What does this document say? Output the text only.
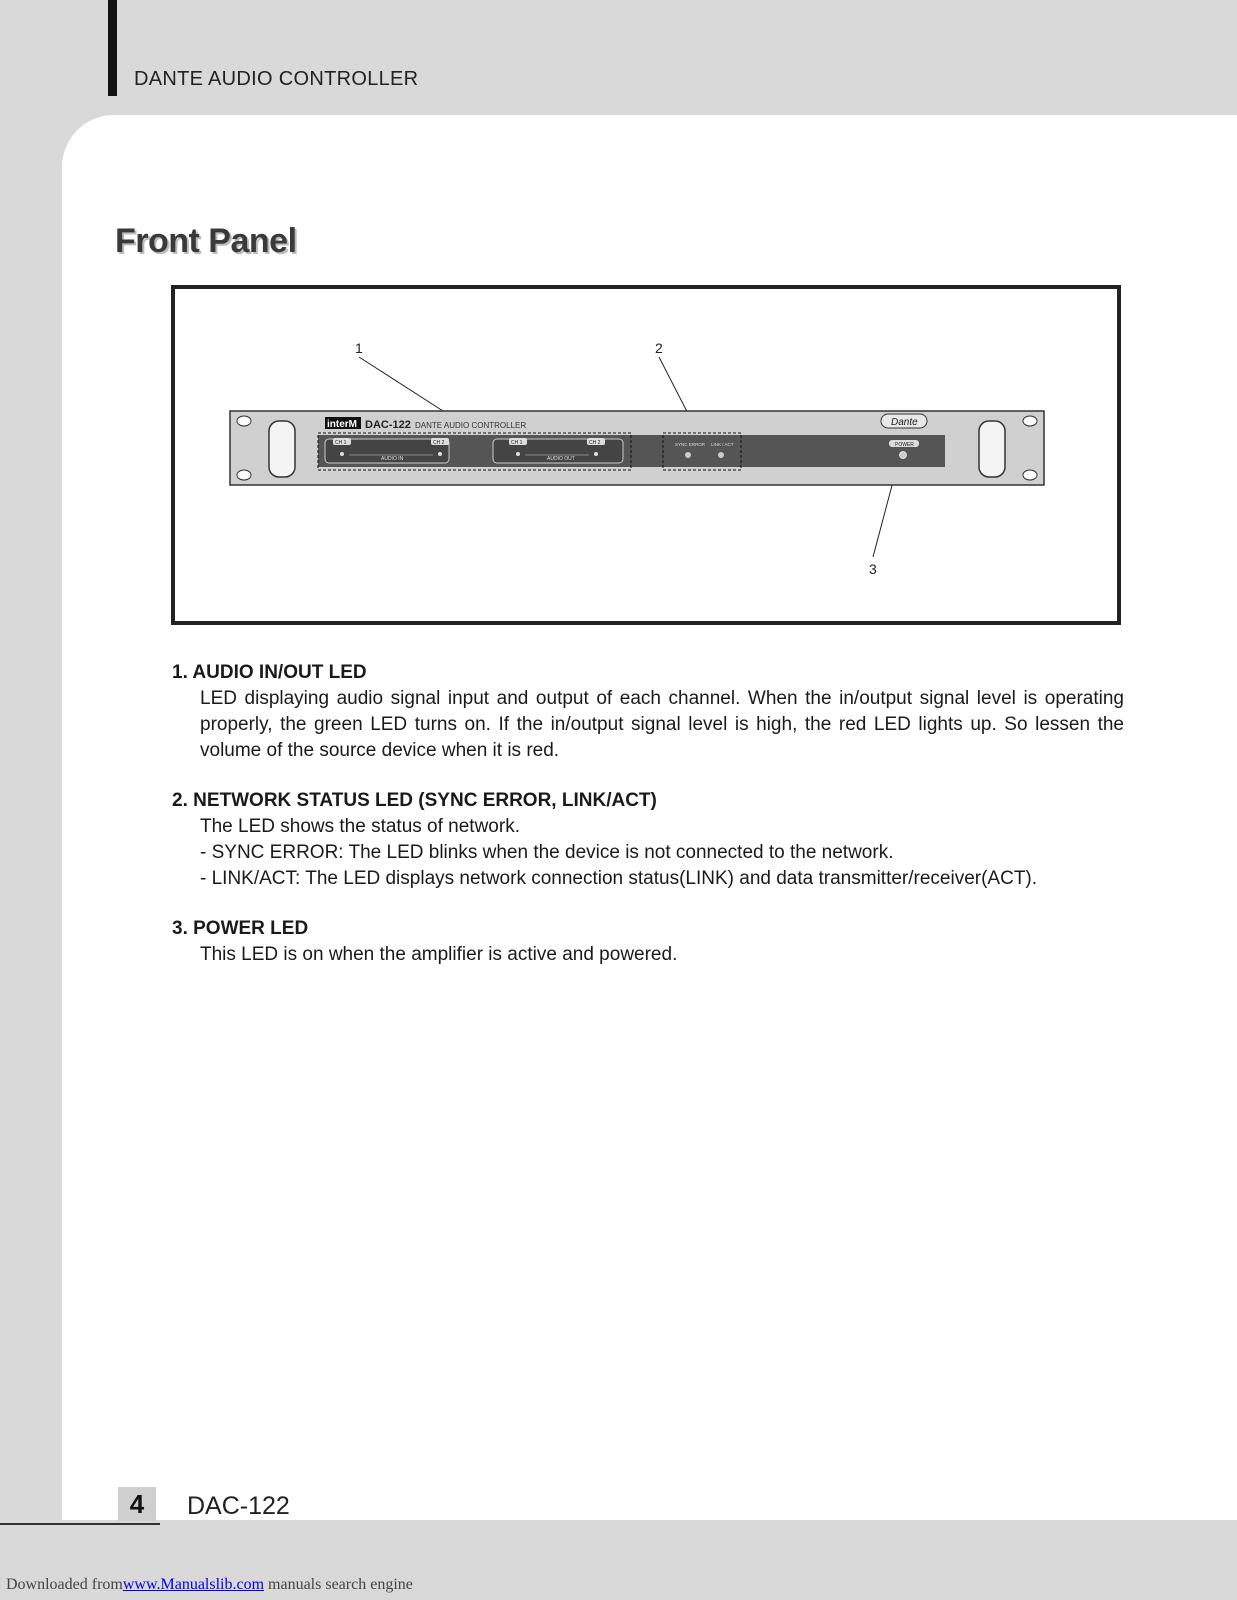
DANTE AUDIO CONTROLLER
Front Panel
1	2
3
interM DAC-122 DANTE AUDIO CONTROLLER	Dante
CH 1	CH 2
AUDIO IN
CH 1	CH 2
AUDIO OUT
SYNC ERROR LINK / ACT	POWER
1. AUDIO IN/OUT LED
LED displaying audio signal input and output of each channel. When the in/output signal level is operating properly, the green LED turns on. If the in/output signal level is high, the red LED lights up. So lessen the volume of the source device when it is red.
2. NETWORK STATUS LED (SYNC ERROR, LINK/ACT)
The LED shows the status of network.
- SYNC ERROR: The LED blinks when the device is not connected to the network.
- LINK/ACT: The LED displays network connection status(LINK) and data transmitter/receiver(ACT).
3. POWER LED
This LED is on when the amplifier is active and powered.
4	DAC-122
Downloaded fromwww.Manualslib.com manuals search engine
